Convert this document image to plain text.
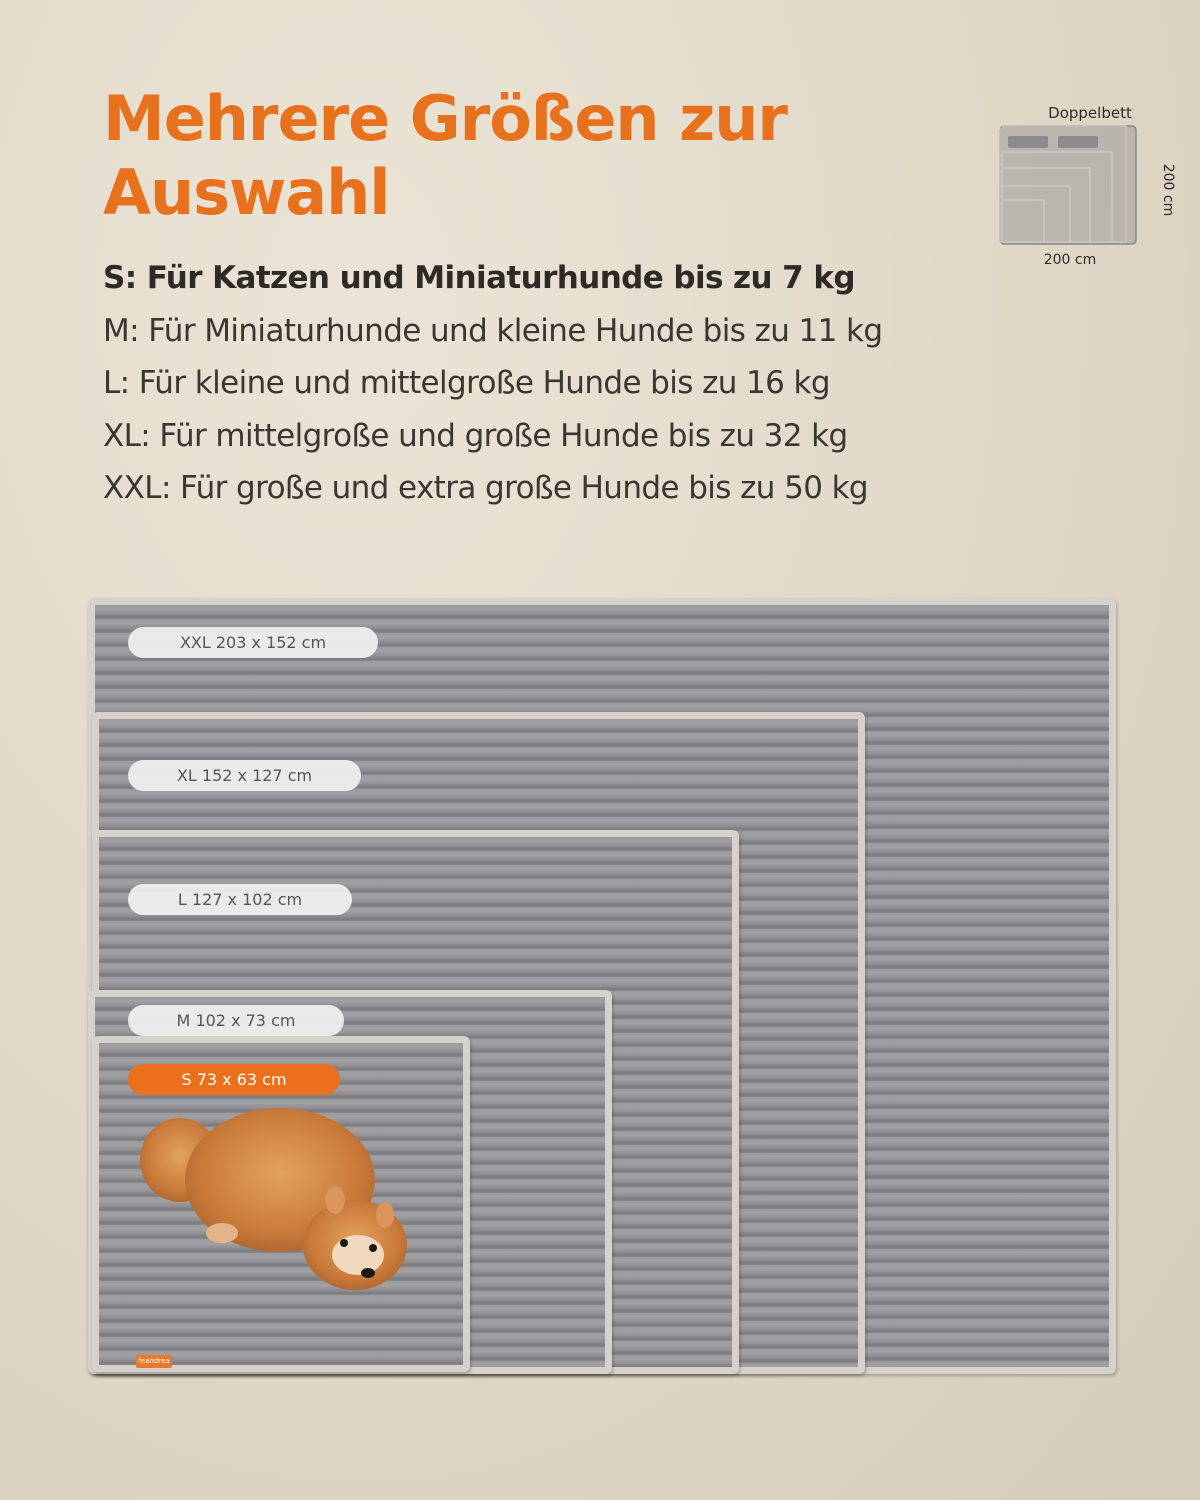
Mehrere Größen zur Auswahl
S: Für Katzen und Miniaturhunde bis zu 7 kg
M: Für Miniaturhunde und kleine Hunde bis zu 11 kg
L: Für kleine und mittelgroße Hunde bis zu 16 kg
XL: Für mittelgroße und große Hunde bis zu 32 kg
XXL: Für große und extra große Hunde bis zu 50 kg
Doppelbett
200 cm
200 cm
XXL 203 x 152 cm
XL 152 x 127 cm
L 127 x 102 cm
M 102 x 73 cm
S 73 x 63 cm
feandrea
